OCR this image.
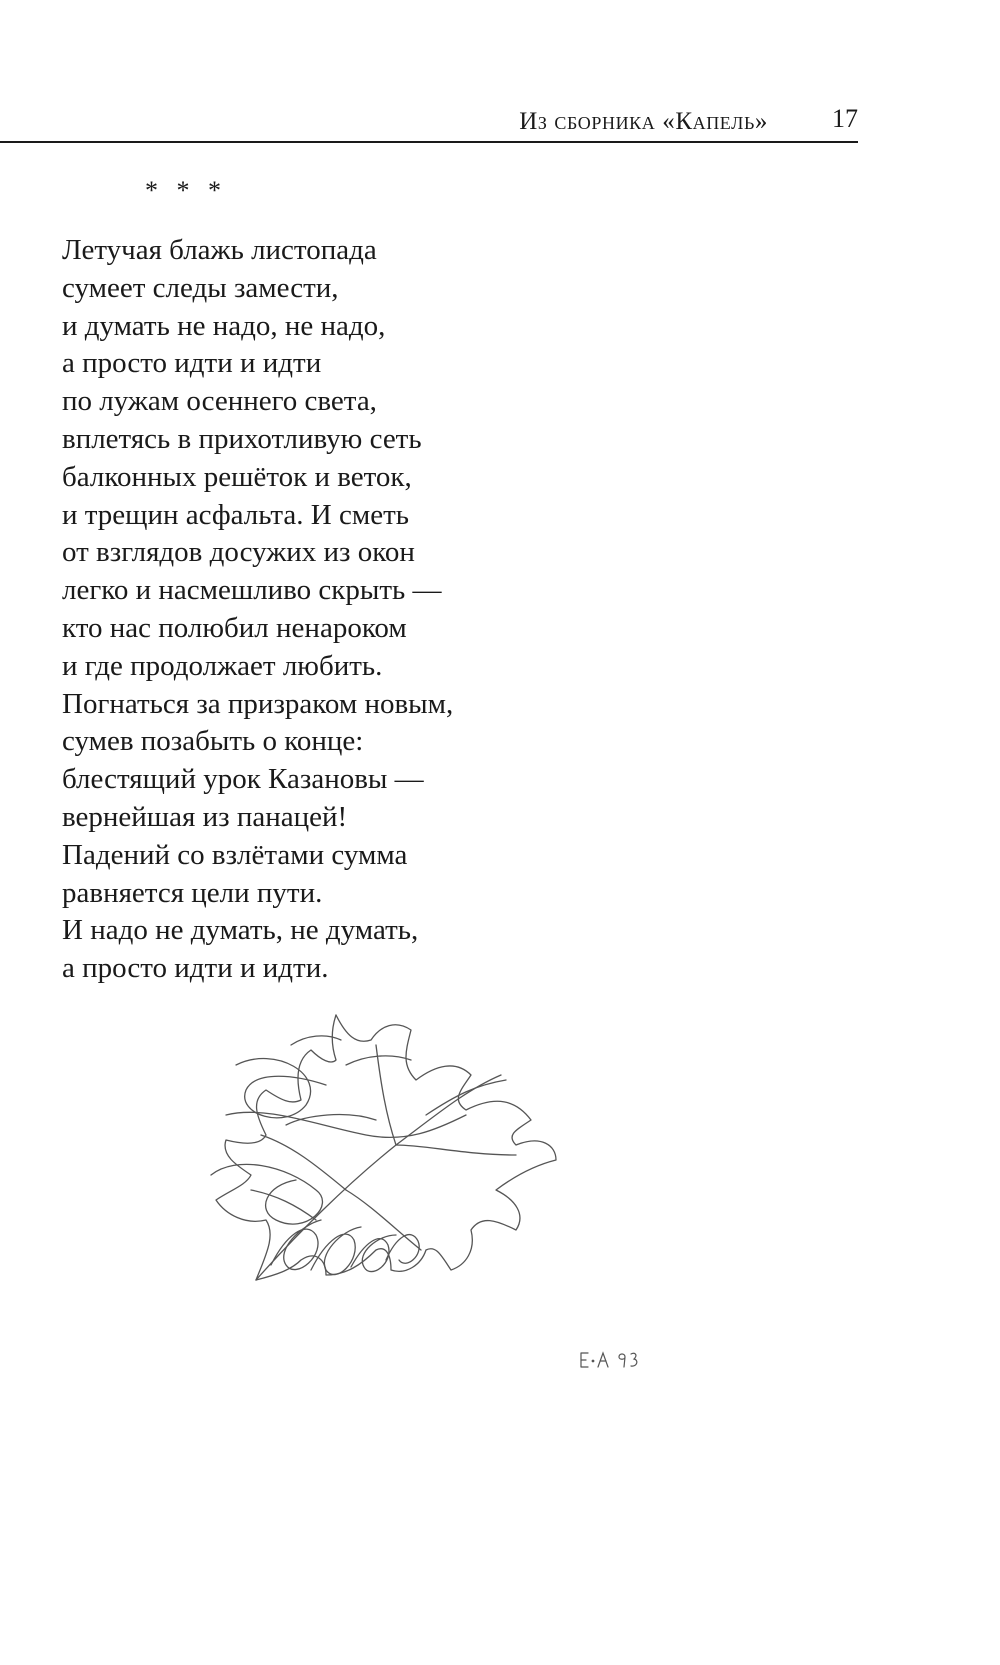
Из сборника «Капель» 17
* * *
Летучая блажь листопада
сумеет следы замести,
и думать не надо, не надо,
а просто идти и идти
по лужам осеннего света,
вплетясь в прихотливую сеть
балконных решёток и веток,
и трещин асфальта. И сметь
от взглядов досужих из окон
легко и насмешливо скрыть —
кто нас полюбил ненароком
и где продолжает любить.
Погнаться за призраком новым,
сумев позабыть о конце:
блестящий урок Казановы —
вернейшая из панацей!
Падений со взлётами сумма
равняется цели пути.
И надо не думать, не думать,
а просто идти и идти.
